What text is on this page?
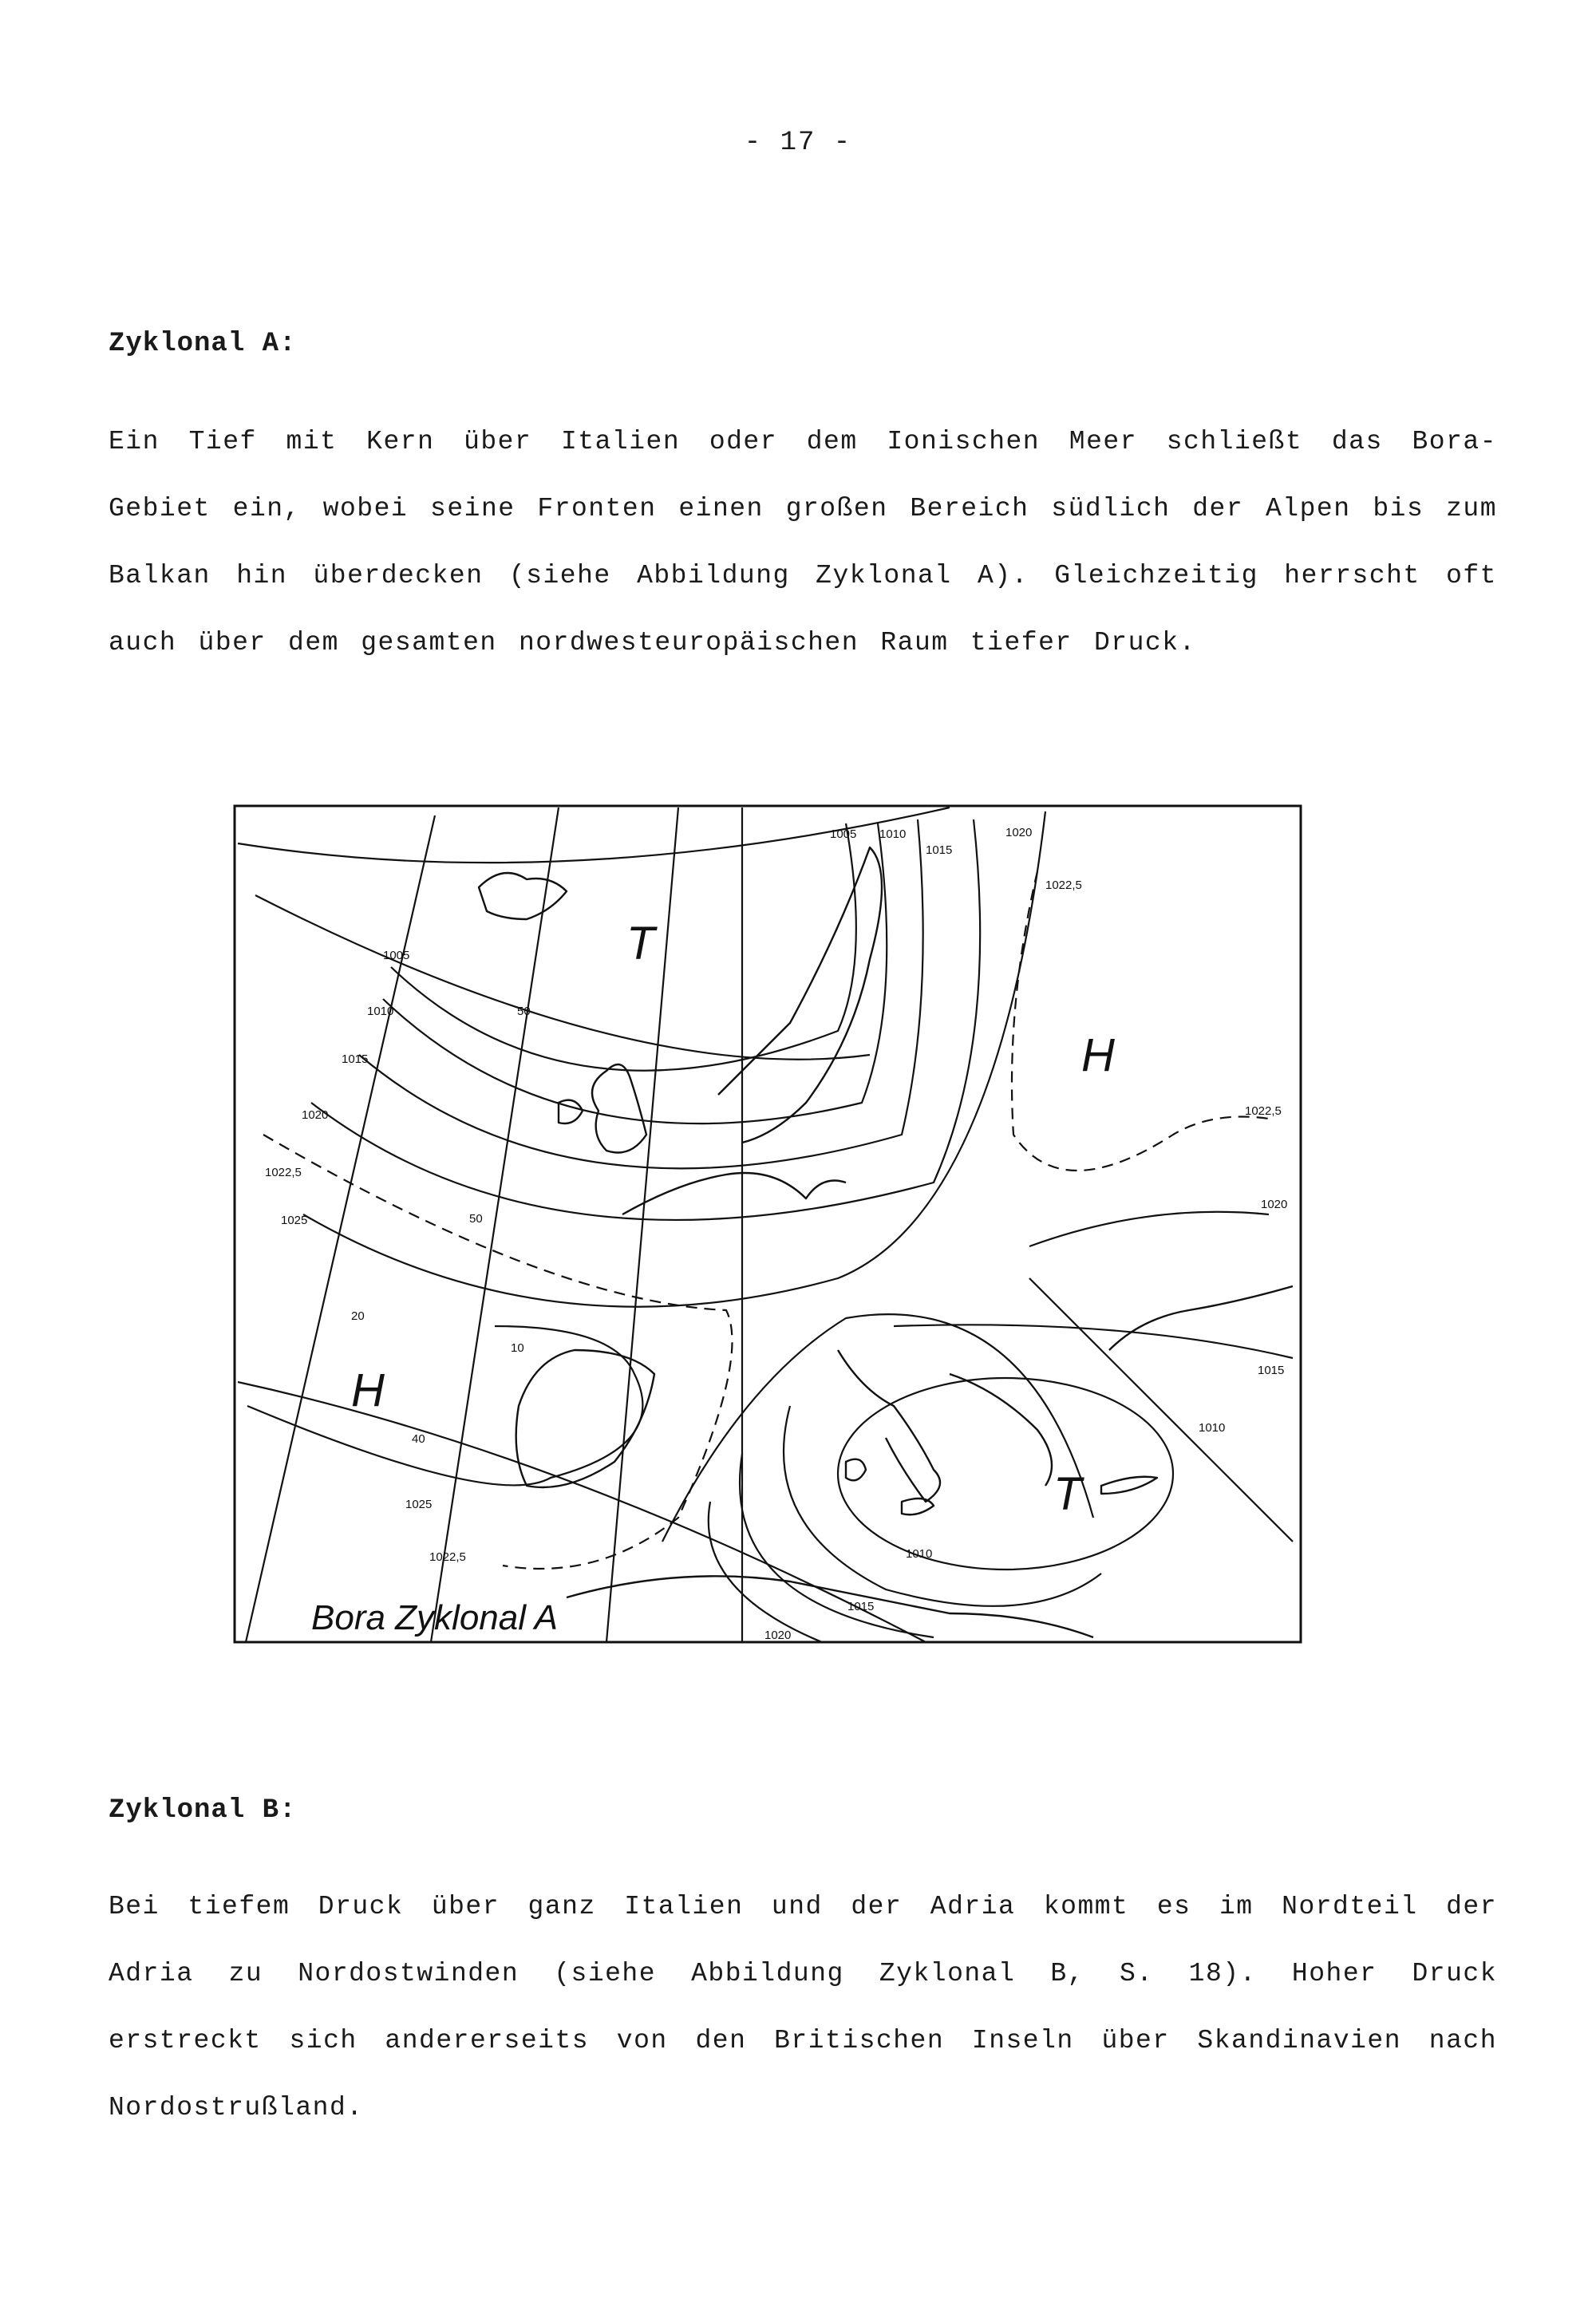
- 17 -
Zyklonal A:
Ein Tief mit Kern über Italien oder dem Ionischen Meer schließt das Bora-Gebiet ein, wobei seine Fronten einen großen Bereich südlich der Alpen bis zum Balkan hin überdecken (siehe Abbildung Zyklonal A). Gleichzeitig herrscht oft auch über dem gesamten nordwesteuropäischen Raum tiefer Druck.
T
T
H
H
1005 1010
1015
1020
1022,5
1005
1010
1015
1020
1022,5
1025
1022,5
1020
1015
1010
1025
1022,5	1010
1015
1020
50
50
20
10
40
Bora Zyklonal A
Zyklonal B:
Bei tiefem Druck über ganz Italien und der Adria kommt es im Nordteil der Adria zu Nordostwinden (siehe Abbildung Zyklonal B, S. 18). Hoher Druck erstreckt sich andererseits von den Britischen Inseln über Skandinavien nach Nordostrußland.
